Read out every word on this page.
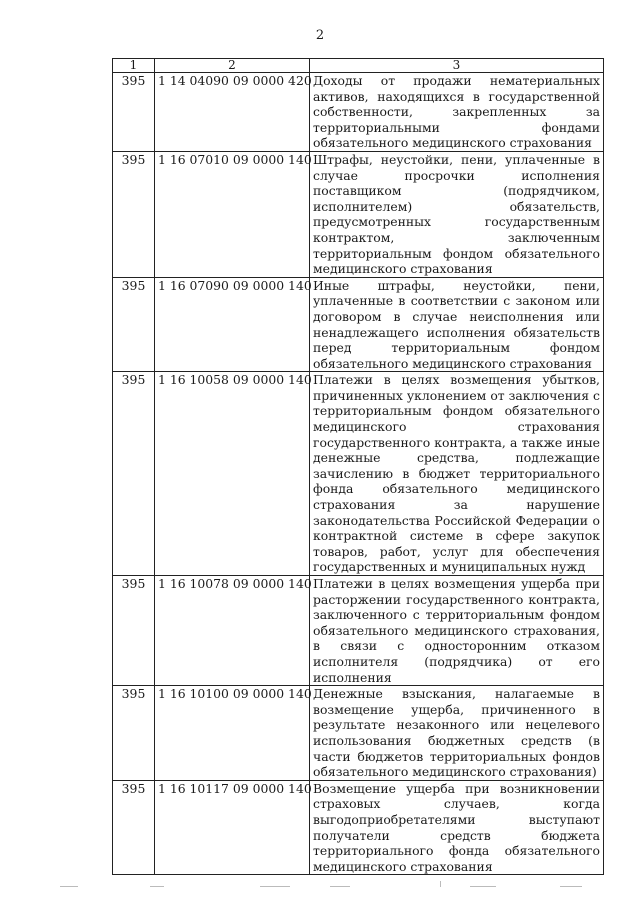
2
1	2	3
395	1 14 04090 09 0000 420	Доходы от продажи нематериальных активов, находящихся в государственной собственности, закрепленных за территориальными фондами обязательного медицинского страхования
395	1 16 07010 09 0000 140	Штрафы, неустойки, пени, уплаченные в случае просрочки исполнения поставщиком (подрядчиком, исполнителем) обязательств, предусмотренных государственным контрактом, заключенным территориальным фондом обязательного медицинского страхования
395	1 16 07090 09 0000 140	Иные штрафы, неустойки, пени, уплаченные в соответствии с законом или договором в случае неисполнения или ненадлежащего исполнения обязательств перед территориальным фондом обязательного медицинского страхования
395	1 16 10058 09 0000 140	Платежи в целях возмещения убытков, причиненных уклонением от заключения с территориальным фондом обязательного медицинского страхования государственного контракта, а также иные денежные средства, подлежащие зачислению в бюджет территориального фонда обязательного медицинского страхования за нарушение законодательства Российской Федерации о контрактной системе в сфере закупок товаров, работ, услуг для обеспечения государственных и муниципальных нужд
395	1 16 10078 09 0000 140	Платежи в целях возмещения ущерба при расторжении государственного контракта, заключенного с территориальным фондом обязательного медицинского страхования, в связи с односторонним отказом исполнителя (подрядчика) от его исполнения
395	1 16 10100 09 0000 140	Денежные взыскания, налагаемые в возмещение ущерба, причиненного в результате незаконного или нецелевого использования бюджетных средств (в части бюджетов территориальных фондов обязательного медицинского страхования)
395	1 16 10117 09 0000 140	Возмещение ущерба при возникновении страховых случаев, когда выгодоприобретателями выступают получатели средств бюджета территориального фонда обязательного медицинского страхования
